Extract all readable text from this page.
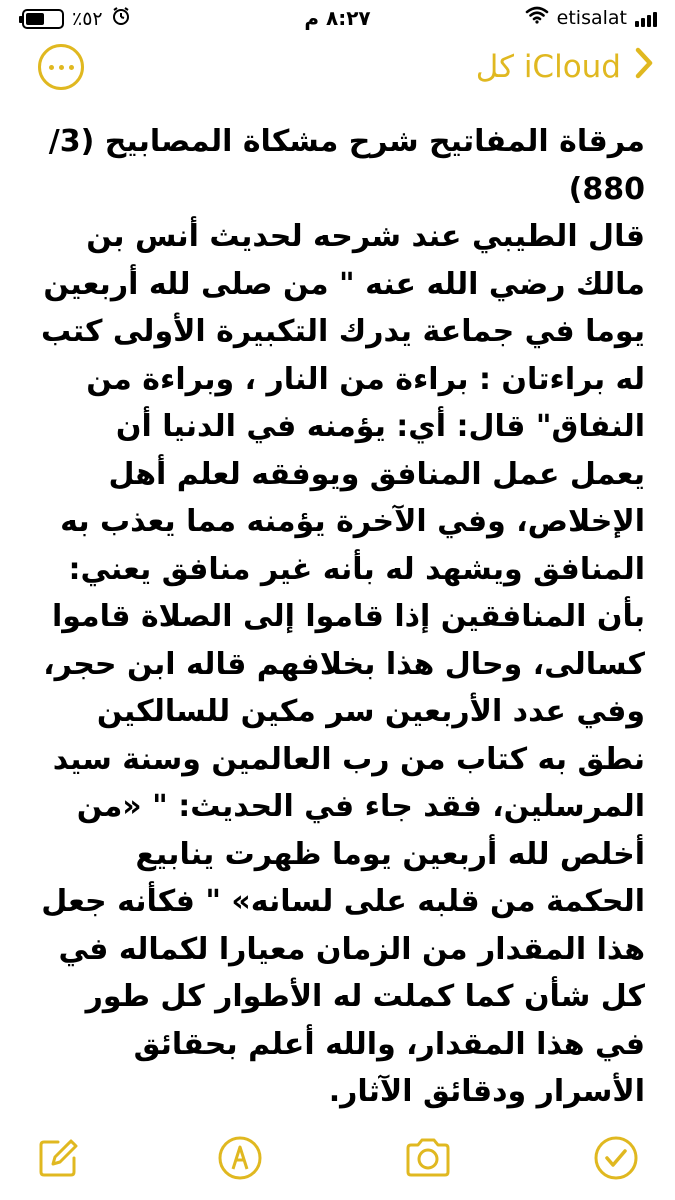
٪٥٢	٨:٢٧ م	etisalat
كل iCloud

مرقاة المفاتيح شرح مشكاة المصابيح (3/ 880)

قال الطيبي عند شرحه لحديث أنس بن مالك رضي الله عنه " من صلى لله أربعين يوما في جماعة يدرك التكبيرة الأولى كتب له براءتان : براءة من النار ، وبراءة من النفاق" قال: أي: يؤمنه في الدنيا أن يعمل عمل المنافق ويوفقه لعلم أهل الإخلاص، وفي الآخرة يؤمنه مما يعذب به المنافق ويشهد له بأنه غير منافق يعني: بأن المنافقين إذا قاموا إلى الصلاة قاموا كسالى، وحال هذا بخلافهم قاله ابن حجر، وفي عدد الأربعين سر مكين للسالكين نطق به كتاب من رب العالمين وسنة سيد المرسلين، فقد جاء في الحديث: " «من أخلص لله أربعين يوما ظهرت ينابيع الحكمة من قلبه على لسانه» " فكأنه جعل هذا المقدار من الزمان معيارا لكماله في كل شأن كما كملت له الأطوار كل طور في هذا المقدار، والله أعلم بحقائق الأسرار ودقائق الآثار.
